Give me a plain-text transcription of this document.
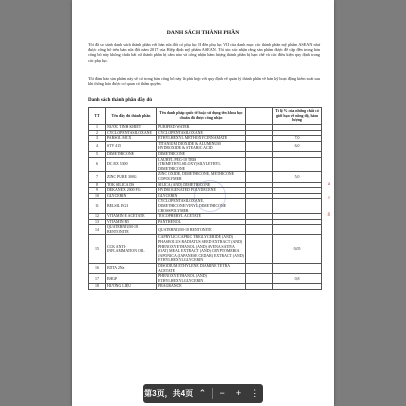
DANH SÁCH THÀNH PHẦN
Tôi đã so sánh danh sách thành phần với bản sửa đổi có phụ lục II đến phụ lục VII của danh mục các thành phần mỹ phẩm ASEAN như được công bố trên bản sửa đổi năm 2017 của Hiệp định mỹ phẩm ASEAN. Tôi xin xác nhận rằng sản phẩm được đề cập đến trong bản công bố này không chứa bất cứ thành phần bị cấm nào và công nhận hàm lượng thành phần bị hạn chế và các điều kiện quy định trong các phụ lục.
Tôi đảm bảo sản phẩm này sẽ có trong bản công bố này là phù hợp với quy định về quản lý thành phần về bản kỹ hoạt động kiểm soát sau khi thông báo được cơ quan có thẩm quyền.
Danh sách thành phần đầy đủ
TT	Tên đầy đủ thành phần	Tên danh pháp quốc tế hoặc sử dụng tên khoa học chuẩn đã được công nhận		Tỉ lệ % của những chất có giới hạn về nồng độ, hàm lượng
1	NƯỚC TINH KHIẾT	PURIFIED WATER		
2	CYCLOPENTASILOXANE	CYCLOPENTASILOXANE		
3	PARSOL MCX	ETHYLHEXYL METHOXYCINNAMATE		7,0
4	STV 415	TITANIUM DIOXIDE & ALUMINUM HYDROXIDE & STEARIC ACID		6,0
5	DIMETHICONE	DIMETHICONE		
6	DC RX 5300	LAURYL PEG-10 TRIS (TRIMETHYLSILOXY)SILYLETHYL DIMETHICONE		
7	ZINC PURE 300G	ZINC OXIDE, DIMETHICONE, METHICONE COPOLYMER		5,0
8	TOK SILICA DS	SILICA (AND) DIMETHICONE		
9	DEKANEX 2000 FG	HYDROGENATED POLYDECENE		
10	GLYCERIN	GLYCERIN		
11	BELSIL EG3	CYCLOPENTASILOXANE, DIMETHICONE/VINYL DIMETHICONE CROSSPOLYMER		
12	VITAMIN E ACETATE	TOCOPHERYL ACETATE		
13	VITAMIN B5	PANTHENOL		
14	QUATERNIUM-18 BENTONITE	QUATERNIUM-18 BENTONITE		
15	CCK ANTI-INFLAMMATION OIL	CAPRYLIC/CAPRIC TRIGLYCERIDE (AND) PHASEOLUS RADIATUS SEED EXTRACT (AND) PHENOXYETHANOL (AND) AVENA SATIVA (OAT) MEAL EXTRACT (AND) CRYPTOMERIA JAPONICA (JAPANESE CEDAR) EXTRACT (AND) ETHYLHEXYLGLYCERIN		0,05
16	EDTA 2Na	DISODIUM ETHYLENE DIAMINE TETRA ACETATE		
17	EHGP	PHENOXYETHANOL (AND) ETHYLHEXYLGLYCERIN		0,8
18	HƯƠNG LIỆU	FRAGRANCE		
a
r
g
第3页，共4页 ⌃	−	+	⋮
